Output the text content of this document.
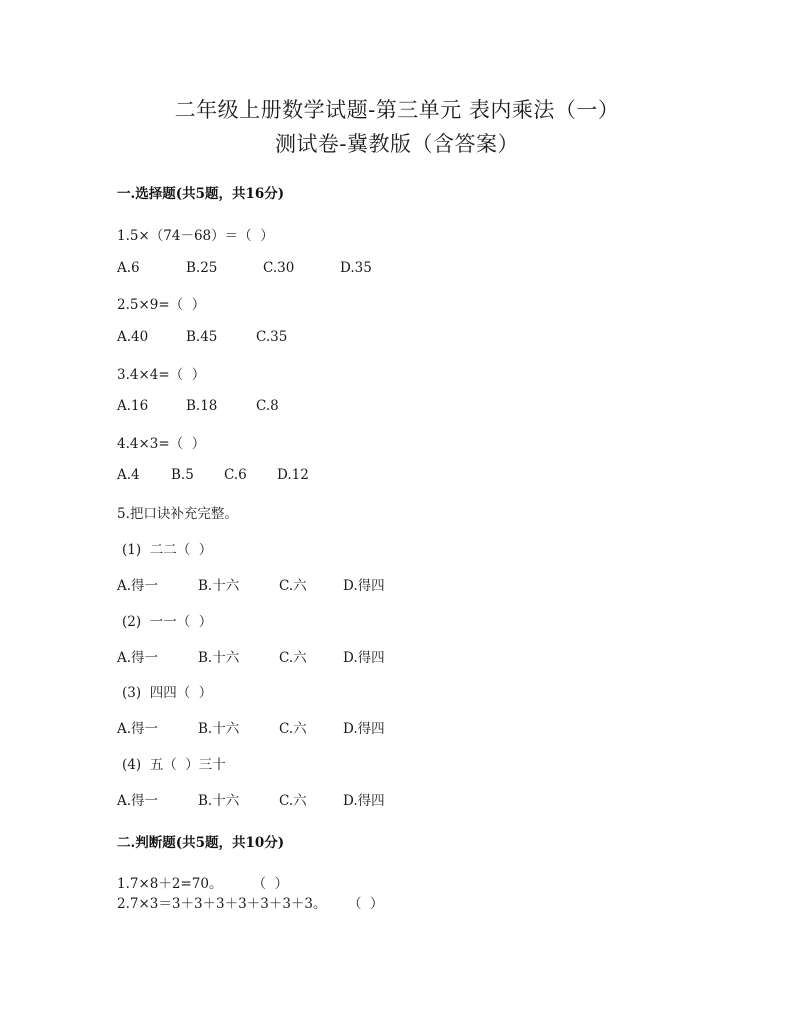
二年级上册数学试题-第三单元 表内乘法（一）
测试卷-冀教版（含答案）
一.选择题(共5题，共16分)
1.5×（74－68）＝（  ）
A.6	B.25	C.30	D.35
2.5×9=（  ）
A.40	B.45	C.35
3.4×4=（  ）
A.16	B.18	C.8
4.4×3=（  ）
A.4 B.5 C.6 D.12
5.把口诀补充完整。
(1)  二二（  ）
A.得一	B.十六	C.六	D.得四
(2)  一一（  ）
A.得一	B.十六	C.六	D.得四
(3)  四四（  ）
A.得一	B.十六	C.六	D.得四
(4)  五（  ）三十
A.得一	B.十六	C.六	D.得四
二.判断题(共5题，共10分)
1.7×8＋2=70。       （  ）
2.7×3＝3＋3＋3＋3＋3＋3＋3。     （  ）
